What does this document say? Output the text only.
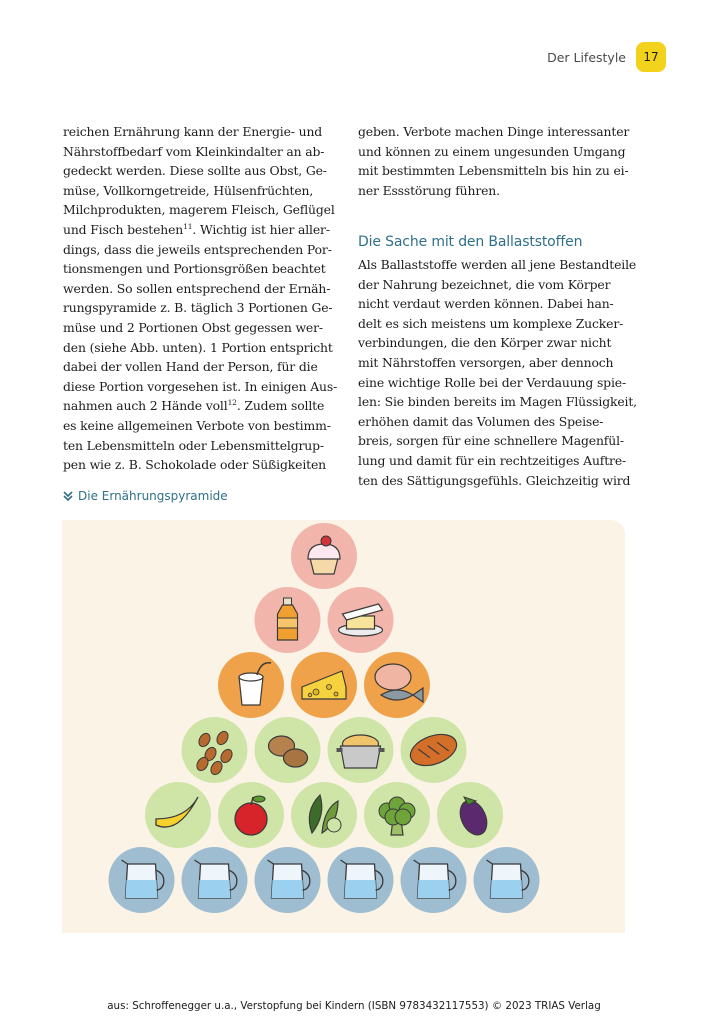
Der Lifestyle	17
reichen Ernährung kann der Energie- und
Nährstoffbedarf vom Kleinkindalter an ab-
gedeckt werden. Diese sollte aus Obst, Ge-
müse, Vollkorngetreide, Hülsenfrüchten,
Milchprodukten, magerem Fleisch, Geflügel
und Fisch bestehen$^{11}$. Wichtig ist hier aller-
dings, dass die jeweils entsprechenden Por-
tionsmengen und Portionsgrößen beachtet
werden. So sollen entsprechend der Ernäh-
rungspyramide z. B. täglich 3 Portionen Ge-
müse und 2 Portionen Obst gegessen wer-
den (siehe Abb. unten). 1 Portion entspricht
dabei der vollen Hand der Person, für die
diese Portion vorgesehen ist. In einigen Aus-
nahmen auch 2 Hände voll$^{12}$. Zudem sollte
es keine allgemeinen Verbote von bestimm-
ten Lebensmitteln oder Lebensmittelgrup-
pen wie z. B. Schokolade oder Süßigkeiten
geben. Verbote machen Dinge interessanter
und können zu einem ungesunden Umgang
mit bestimmten Lebensmitteln bis hin zu ei-
ner Essstörung führen.
Die Sache mit den Ballaststoffen
Als Ballaststoffe werden all jene Bestandteile
der Nahrung bezeichnet, die vom Körper
nicht verdaut werden können. Dabei han-
delt es sich meistens um komplexe Zucker-
verbindungen, die den Körper zwar nicht
mit Nährstoffen versorgen, aber dennoch
eine wichtige Rolle bei der Verdauung spie-
len: Sie binden bereits im Magen Flüssigkeit,
erhöhen damit das Volumen des Speise-
breis, sorgen für eine schnellere Magenfül-
lung und damit für ein rechtzeitiges Auftre-
ten des Sättigungsgefühls. Gleichzeitig wird
Die Ernährungspyramide
aus: Schroffenegger u.a., Verstopfung bei Kindern (ISBN 9783432117553) © 2023 TRIAS Verlag
